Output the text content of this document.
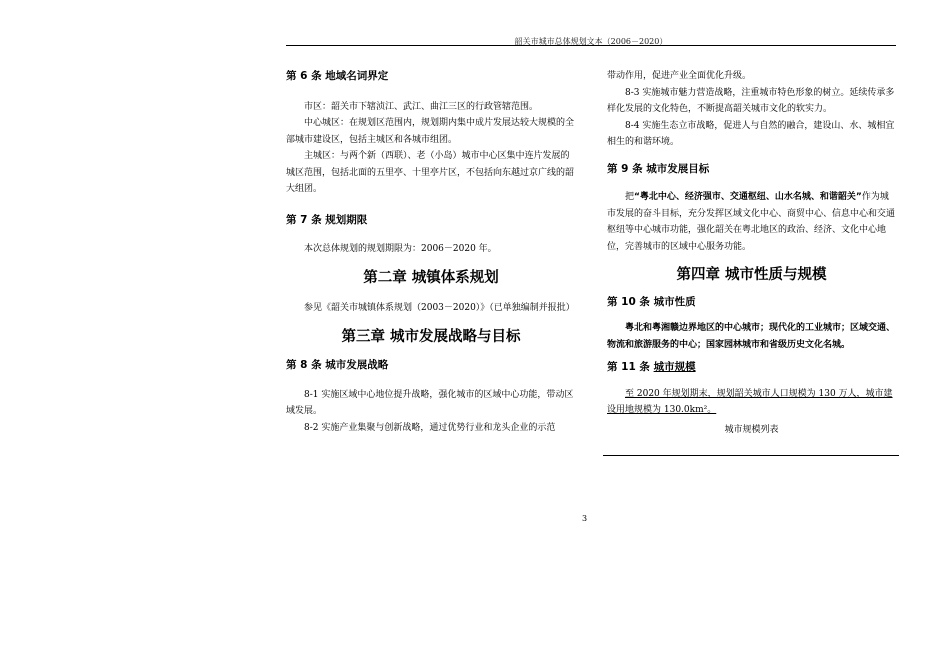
韶关市城市总体规划文本（2006－2020）

第 6 条 地域名词界定

市区：韶关市下辖浈江、武江、曲江三区的行政管辖范围。

中心城区：在规划区范围内，规划期内集中成片发展达较大规模的全部城市建设区，包括主城区和各城市组团。

主城区：与两个新（西联）、老（小岛）城市中心区集中连片发展的城区范围，包括北面的五里亭、十里亭片区，不包括向东越过京广线的韶大组团。

第 7 条 规划期限

本次总体规划的规划期限为：2006－2020 年。

第二章 城镇体系规划

参见《韶关市城镇体系规划（2003－2020）》（已单独编制并报批）

第三章 城市发展战略与目标

第 8 条 城市发展战略

8-1 实施区域中心地位提升战略，强化城市的区域中心功能，带动区域发展。

8-2 实施产业集聚与创新战略，通过优势行业和龙头企业的示范

带动作用，促进产业全面优化升级。

8-3 实施城市魅力营造战略，注重城市特色形象的树立。延续传承多样化发展的文化特色，不断提高韶关城市文化的软实力。

8-4 实施生态立市战略，促进人与自然的融合，建设山、水、城相宜相生的和谐环境。

第 9 条 城市发展目标

把“粤北中心、经济强市、交通枢纽、山水名城、和谐韶关”作为城市发展的奋斗目标，充分发挥区域文化中心、商贸中心、信息中心和交通枢纽等中心城市功能，强化韶关在粤北地区的政治、经济、文化中心地位，完善城市的区域中心服务功能。

第四章 城市性质与规模

第 10 条 城市性质

粤北和粤湘赣边界地区的中心城市；现代化的工业城市；区域交通、物流和旅游服务的中心；国家园林城市和省级历史文化名城。

第 11 条 城市规模

至 2020 年规划期末，规划韶关城市人口规模为 130 万人，城市建设用地规模为 130.0km²。

城市规模列表

3
